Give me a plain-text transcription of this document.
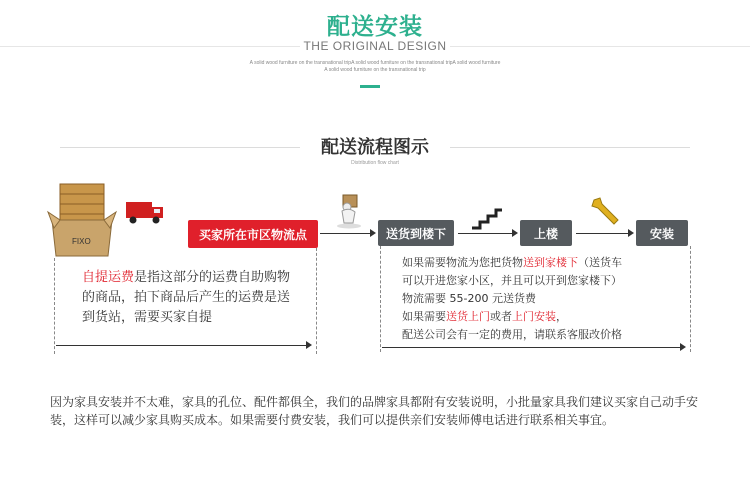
配送安装
THE ORIGINAL DESIGN
A solid wood furniture on the transnational tripA solid wood furniture on the transnational tripA solid wood furniture
A solid wood furniture on the transnational trip
配送流程图示
Distribution flow chart
FIXO	买家所在市区物流点
自提运费是指这部分的运费自助购物的商品，拍下商品后产生的运费是送到货站，需要买家自提
送货到楼下	上楼	安装
如果需要物流为您把货物送到家楼下（送货车
可以开进您家小区，并且可以开到您家楼下）
物流需要 55-200 元送货费
如果需要送货上门或者上门安装，
配送公司会有一定的费用，请联系客服改价格
因为家具安装并不太难，家具的孔位、配件都俱全，我们的品牌家具都附有安装说明，小批量家具我们建议买家自己动手安装，这样可以减少家具购买成本。如果需要付费安装，我们可以提供亲们安装师傅电话进行联系相关事宜。
